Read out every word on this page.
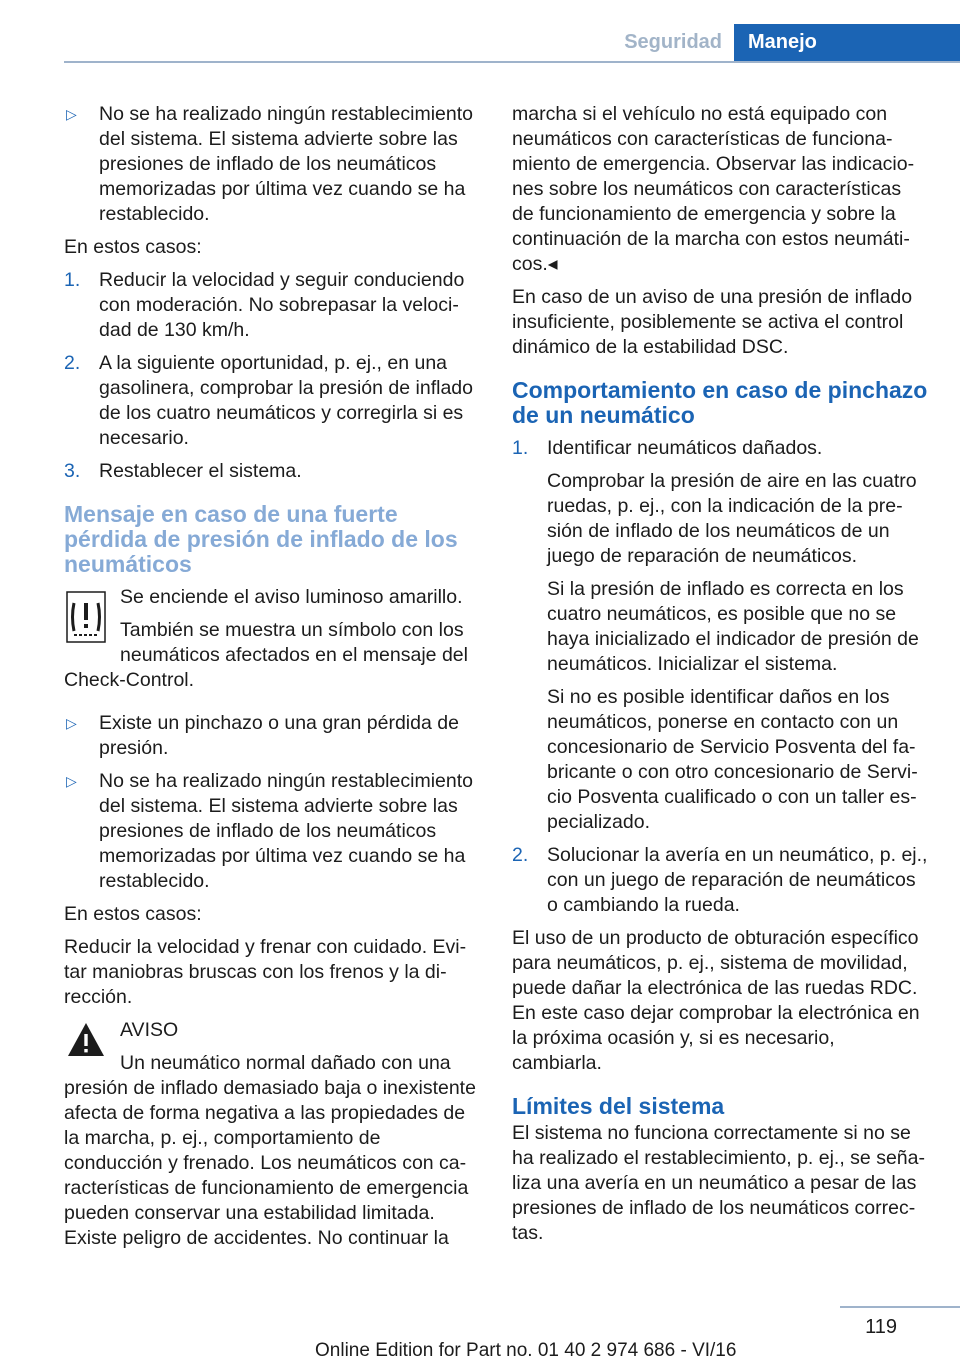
Seguridad	Manejo
▷ No se ha realizado ningún restablecimiento del sistema. El sistema advierte sobre las presiones de inflado de los neumáticos memorizadas por última vez cuando se ha restablecido.

En estos casos:

1. Reducir la velocidad y seguir conduciendo con moderación. No sobrepasar la velocidad de 130 km/h.
2. A la siguiente oportunidad, p. ej., en una gasolinera, comprobar la presión de inflado de los cuatro neumáticos y corregirla si es necesario.
3. Restablecer el sistema.
Mensaje en caso de una fuerte pérdida de presión de inflado de los neumáticos

Se enciende el aviso luminoso amarillo.

También se muestra un símbolo con los neumáticos afectados en el mensaje del Check-Control.

▷ Existe un pinchazo o una gran pérdida de presión.
▷ No se ha realizado ningún restablecimiento del sistema. El sistema advierte sobre las presiones de inflado de los neumáticos memorizadas por última vez cuando se ha restablecido.

En estos casos:

Reducir la velocidad y frenar con cuidado. Evitar maniobras bruscas con los frenos y la dirección.

AVISO

Un neumático normal dañado con una presión de inflado demasiado baja o inexistente afecta de forma negativa a las propiedades de la marcha, p. ej., comportamiento de conducción y frenado. Los neumáticos con características de funcionamiento de emergencia pueden conservar una estabilidad limitada. Existe peligro de accidentes. No continuar la

marcha si el vehículo no está equipado con neumáticos con características de funcionamiento de emergencia. Observar las indicaciones sobre los neumáticos con características de funcionamiento de emergencia y sobre la continuación de la marcha con estos neumáticos.◂

En caso de un aviso de una presión de inflado insuficiente, posiblemente se activa el control dinámico de la estabilidad DSC.

Comportamiento en caso de pinchazo de un neumático
1. Identificar neumáticos dañados.

Comprobar la presión de aire en las cuatro ruedas, p. ej., con la indicación de la presión de inflado de los neumáticos de un juego de reparación de neumáticos.

Si la presión de inflado es correcta en los cuatro neumáticos, es posible que no se haya inicializado el indicador de presión de neumáticos. Inicializar el sistema.

Si no es posible identificar daños en los neumáticos, ponerse en contacto con un concesionario de Servicio Posventa del fabricante o con otro concesionario de Servicio Posventa cualificado o con un taller especializado.

2. Solucionar la avería en un neumático, p. ej., con un juego de reparación de neumáticos o cambiando la rueda.

El uso de un producto de obturación específico para neumáticos, p. ej., sistema de movilidad, puede dañar la electrónica de las ruedas RDC. En este caso dejar comprobar la electrónica en la próxima ocasión y, si es necesario, cambiarla.

Límites del sistema

El sistema no funciona correctamente si no se ha realizado el restablecimiento, p. ej., se señaliza una avería en un neumático a pesar de las presiones de inflado de los neumáticos correctas.

119
Online Edition for Part no. 01 40 2 974 686 - VI/16
